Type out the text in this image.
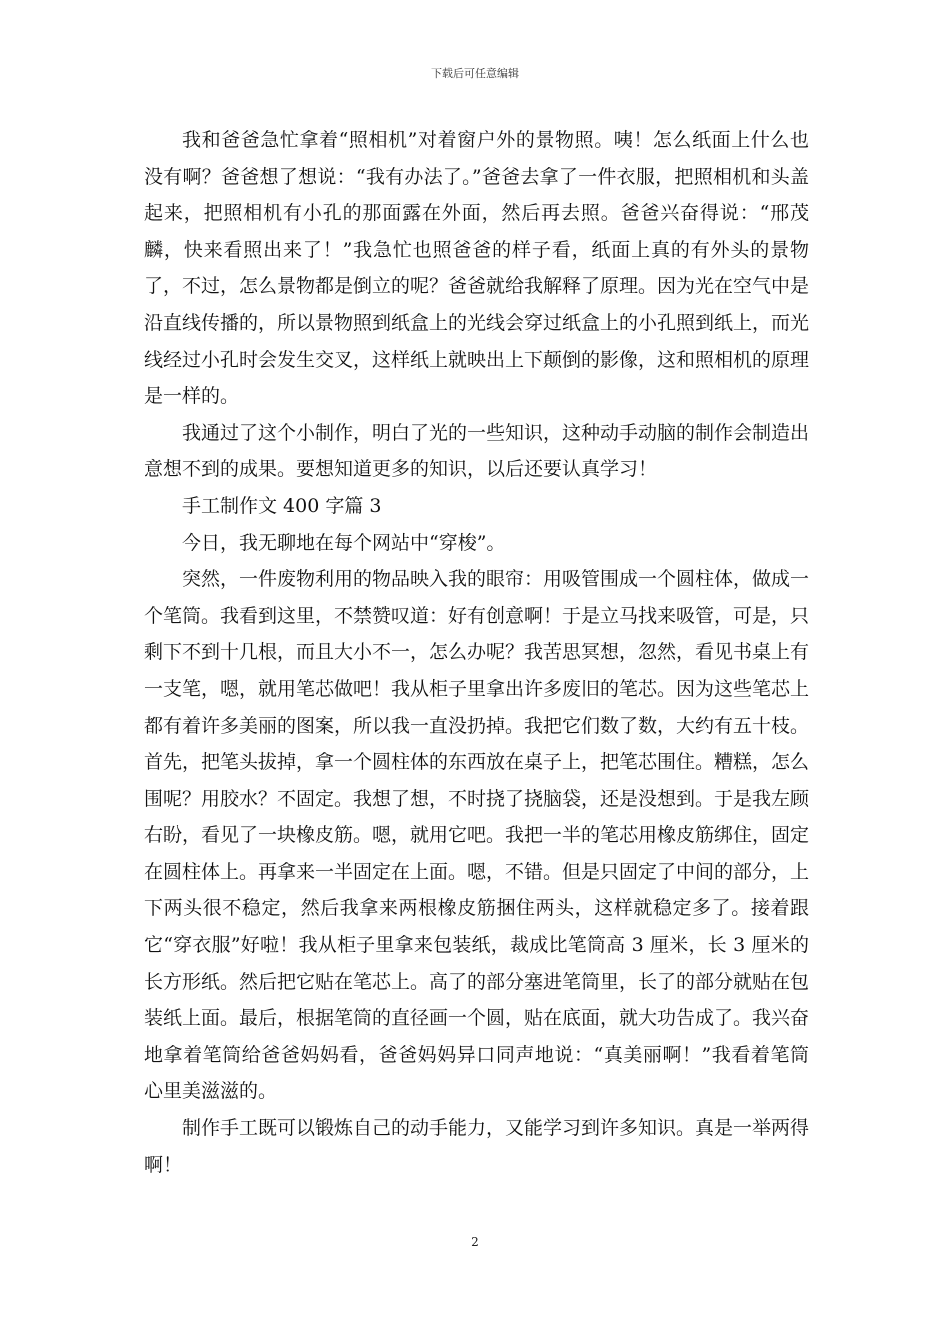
下载后可任意编辑

我和爸爸急忙拿着“照相机”对着窗户外的景物照。咦！怎么纸面上什么也没有啊？爸爸想了想说：“我有办法了。”爸爸去拿了一件衣服，把照相机和头盖起来，把照相机有小孔的那面露在外面，然后再去照。爸爸兴奋得说：“邢茂麟，快来看照出来了！”我急忙也照爸爸的样子看，纸面上真的有外头的景物了，不过，怎么景物都是倒立的呢？爸爸就给我解释了原理。因为光在空气中是沿直线传播的，所以景物照到纸盒上的光线会穿过纸盒上的小孔照到纸上，而光线经过小孔时会发生交叉，这样纸上就映出上下颠倒的影像，这和照相机的原理是一样的。

我通过了这个小制作，明白了光的一些知识，这种动手动脑的制作会制造出意想不到的成果。要想知道更多的知识，以后还要认真学习！

手工制作文 400 字篇 3

今日，我无聊地在每个网站中“穿梭”。

突然，一件废物利用的物品映入我的眼帘：用吸管围成一个圆柱体，做成一个笔筒。我看到这里，不禁赞叹道：好有创意啊！于是立马找来吸管，可是，只剩下不到十几根，而且大小不一，怎么办呢？我苦思冥想，忽然，看见书桌上有一支笔，嗯，就用笔芯做吧！我从柜子里拿出许多废旧的笔芯。因为这些笔芯上都有着许多美丽的图案，所以我一直没扔掉。我把它们数了数，大约有五十枝。首先，把笔头拔掉，拿一个圆柱体的东西放在桌子上，把笔芯围住。糟糕，怎么围呢？用胶水？不固定。我想了想，不时挠了挠脑袋，还是没想到。于是我左顾右盼，看见了一块橡皮筋。嗯，就用它吧。我把一半的笔芯用橡皮筋绑住，固定在圆柱体上。再拿来一半固定在上面。嗯，不错。但是只固定了中间的部分，上下两头很不稳定，然后我拿来两根橡皮筋捆住两头，这样就稳定多了。接着跟它“穿衣服”好啦！我从柜子里拿来包装纸，裁成比笔筒高 3 厘米，长 3 厘米的长方形纸。然后把它贴在笔芯上。高了的部分塞进笔筒里，长了的部分就贴在包装纸上面。最后，根据笔筒的直径画一个圆，贴在底面，就大功告成了。我兴奋地拿着笔筒给爸爸妈妈看，爸爸妈妈异口同声地说：“真美丽啊！”我看着笔筒心里美滋滋的。

制作手工既可以锻炼自己的动手能力，又能学习到许多知识。真是一举两得啊！

2
